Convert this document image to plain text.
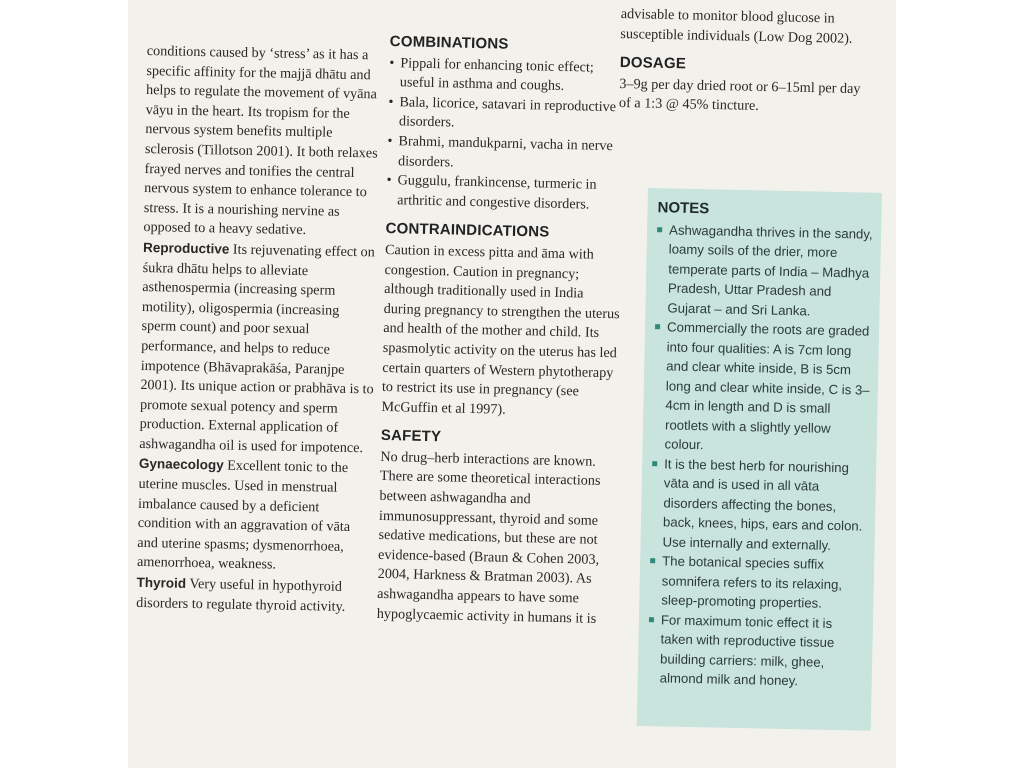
conditions caused by ‘stress’ as it has a specific affinity for the majjā dhātu and helps to regulate the movement of vyāna vāyu in the heart. Its tropism for the nervous system benefits multiple sclerosis (Tillotson 2001). It both relaxes frayed nerves and tonifies the central nervous system to enhance tolerance to stress. It is a nourishing nervine as opposed to a heavy sedative.

Reproductive Its rejuvenating effect on śukra dhātu helps to alleviate asthenospermia (increasing sperm motility), oligospermia (increasing sperm count) and poor sexual performance, and helps to reduce impotence (Bhāvaprakāśa, Paranjpe 2001). Its unique action or prabhāva is to promote sexual potency and sperm production. External application of ashwagandha oil is used for impotence.

Gynaecology Excellent tonic to the uterine muscles. Used in menstrual imbalance caused by a deficient condition with an aggravation of vāta and uterine spasms; dysmenorrhoea, amenorrhoea, weakness.

Thyroid Very useful in hypothyroid disorders to regulate thyroid activity.

COMBINATIONS
• Pippali for enhancing tonic effect; useful in asthma and coughs.
• Bala, licorice, satavari in reproductive disorders.
• Brahmi, mandukparni, vacha in nerve disorders.
• Guggulu, frankincense, turmeric in arthritic and congestive disorders.
CONTRAINDICATIONS

Caution in excess pitta and āma with congestion. Caution in pregnancy; although traditionally used in India during pregnancy to strengthen the uterus and health of the mother and child. Its spasmolytic activity on the uterus has led certain quarters of Western phytotherapy to restrict its use in pregnancy (see McGuffin et al 1997).

SAFETY

No drug–herb interactions are known. There are some theoretical interactions between ashwagandha and immunosuppressant, thyroid and some sedative medications, but these are not evidence-based (Braun & Cohen 2003, 2004, Harkness & Bratman 2003). As ashwagandha appears to have some hypoglycaemic activity in humans it is

advisable to monitor blood glucose in susceptible individuals (Low Dog 2002).

DOSAGE

3–9g per day dried root or 6–15ml per day of a 1:3 @ 45% tincture.

NOTES
Ashwagandha thrives in the sandy, loamy soils of the drier, more temperate parts of India – Madhya Pradesh, Uttar Pradesh and Gujarat – and Sri Lanka.
Commercially the roots are graded into four qualities: A is 7cm long and clear white inside, B is 5cm long and clear white inside, C is 3–4cm in length and D is small rootlets with a slightly yellow colour.
It is the best herb for nourishing vāta and is used in all vāta disorders affecting the bones, back, knees, hips, ears and colon. Use internally and externally.
The botanical species suffix somnifera refers to its relaxing, sleep-promoting properties.
For maximum tonic effect it is taken with reproductive tissue building carriers: milk, ghee, almond milk and honey.
